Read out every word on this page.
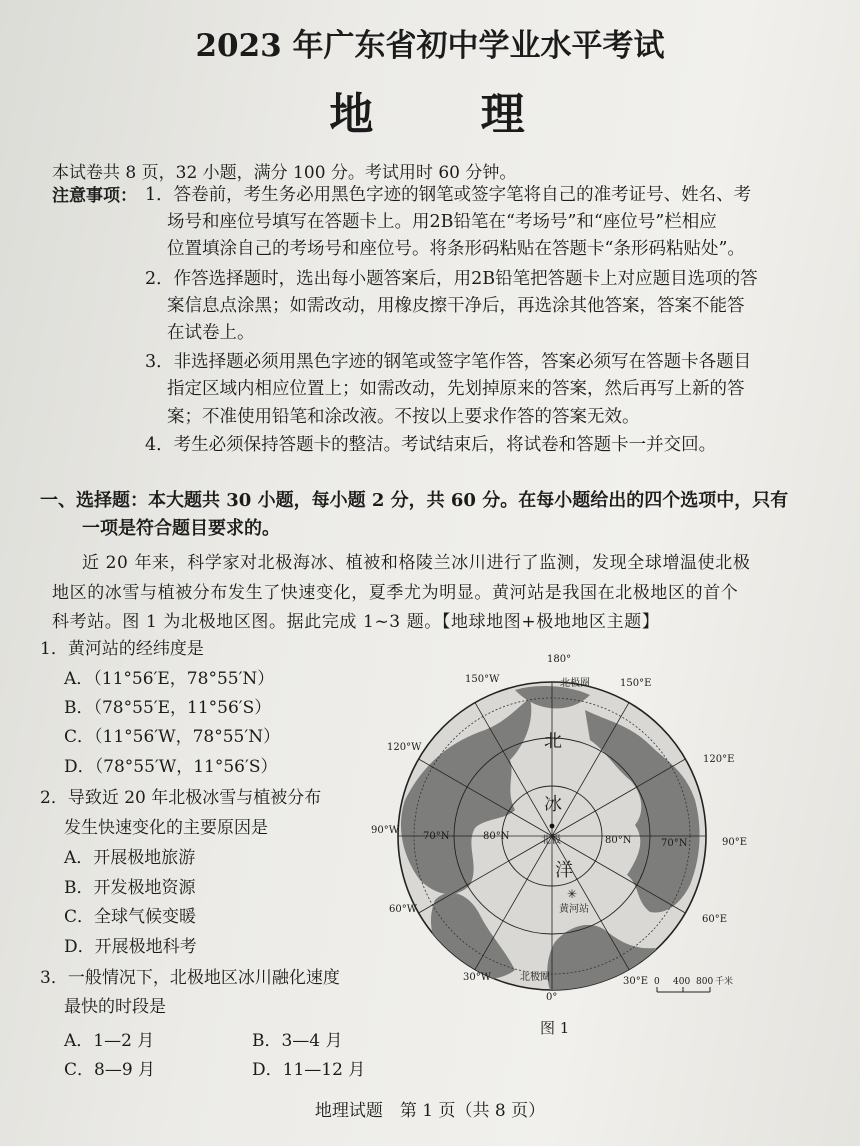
2023 年广东省初中学业水平考试
地 理
本试卷共 8 页，32 小题，满分 100 分。考试用时 60 分钟。
注意事项： 1．答卷前，考生务必用黑色字迹的钢笔或签字笔将自己的准考证号、姓名、考
场号和座位号填写在答题卡上。用2B铅笔在“考场号”和“座位号”栏相应
位置填涂自己的考场号和座位号。将条形码粘贴在答题卡“条形码粘贴处”。
2．作答选择题时，选出每小题答案后，用2B铅笔把答题卡上对应题目选项的答
案信息点涂黑；如需改动，用橡皮擦干净后，再选涂其他答案，答案不能答
在试卷上。
3．非选择题必须用黑色字迹的钢笔或签字笔作答，答案必须写在答题卡各题目
指定区域内相应位置上；如需改动，先划掉原来的答案，然后再写上新的答
案；不准使用铅笔和涂改液。不按以上要求作答的答案无效。
4．考生必须保持答题卡的整洁。考试结束后，将试卷和答题卡一并交回。
一、选择题：本大题共 30 小题，每小题 2 分，共 60 分。在每小题给出的四个选项中，只有
一项是符合题目要求的。
近 20 年来，科学家对北极海冰、植被和格陵兰冰川进行了监测，发现全球增温使北极
地区的冰雪与植被分布发生了快速变化，夏季尤为明显。黄河站是我国在北极地区的首个
科考站。图 1 为北极地区图。据此完成 1~3 题。【地球地图+极地地区主题】
1．黄河站的经纬度是
A．（11°56′E，78°55′N）
B．（78°55′E，11°56′S）
C．（11°56′W，78°55′N）
D．（78°55′W，11°56′S）
2．导致近 20 年北极冰雪与植被分布
发生快速变化的主要原因是
A．开展极地旅游
B．开发极地资源
C．全球气候变暖
D．开展极地科考
3．一般情况下，北极地区冰川融化速度
最快的时段是
A．1—2 月	B．3—4 月
C．8—9 月	D．11—12 月
✳
180°
0°
150°W	150°E
120°W
120°E
90°W
90°E
60°W
60°E
30°W	30°E
70°N	80°N	80°N	70°N
北极圈
北极圈
北极
北
冰
洋
黄河站
0 400 800 千米
图 1
地理试题　第 1 页（共 8 页）
